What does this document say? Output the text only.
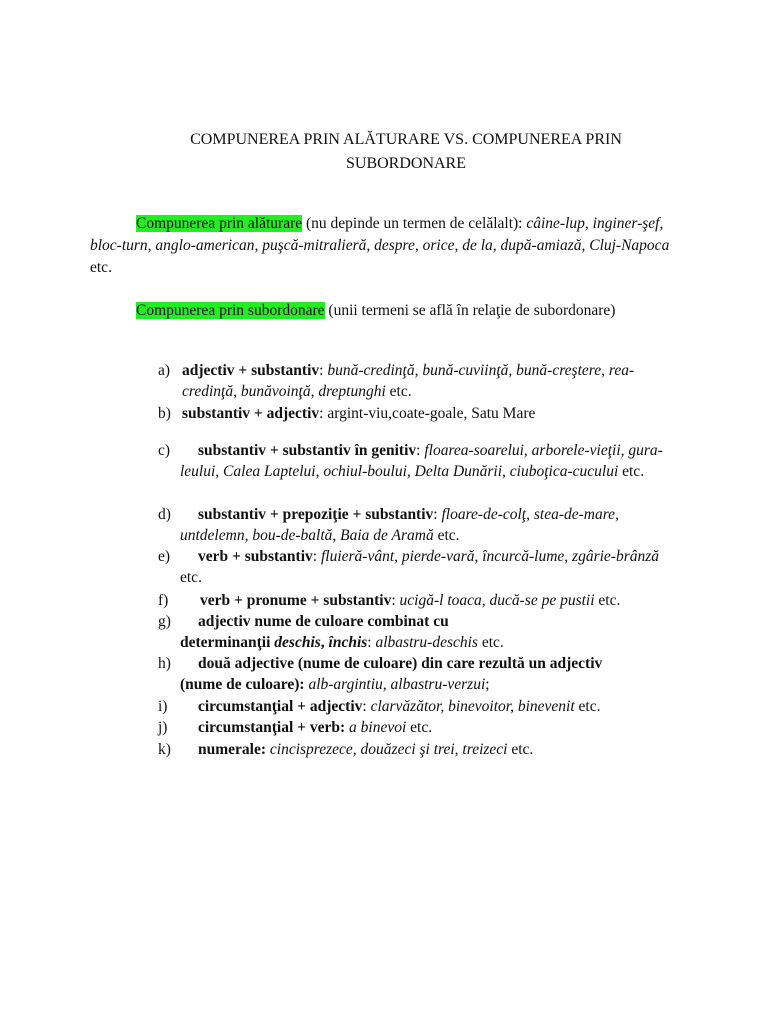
COMPUNEREA PRIN ALĂTURARE VS. COMPUNEREA PRIN
SUBORDONARE
Compunerea prin alăturare (nu depinde un termen de celălalt): câine-lup, inginer-şef, bloc-turn, anglo-american, puşcă-mitralieră, despre, orice, de la, după-amiază, Cluj-Napoca etc.
Compunerea prin subordonare (unii termeni se află în relaţie de subordonare)
a) adjectiv + substantiv: bună-credinţă, bună-cuviinţă, bună-creştere, rea-credinţă, bunăvoinţă, dreptunghi etc.
b) substantiv + adjectiv: argint-viu,coate-goale, Satu Mare
c)	substantiv + substantiv în genitiv: floarea-soarelui, arborele-vieţii, gura-leului, Calea Laptelui, ochiul-boului, Delta Dunării, ciuboţica-cucului etc.
d)	substantiv + prepoziţie + substantiv: floare-de-colţ, stea-de-mare, untdelemn, bou-de-baltă, Baia de Aramă etc.
e)	verb + substantiv: fluieră-vânt, pierde-vară, încurcă-lume, zgârie-brânză etc.
f)	verb + pronume + substantiv: ucigă-l toaca, ducă-se pe pustii etc.
g)	adjectiv nume de culoare combinat cu
determinanţii deschis, închis: albastru-deschis etc.
h)	două adjective (nume de culoare) din care rezultă un adjectiv
(nume de culoare): alb-argintiu, albastru-verzui;
i)	circumstanţial + adjectiv: clarvăzător, binevoitor, binevenit etc.
j)	circumstanţial + verb: a binevoi etc.
k)	numerale: cincisprezece, douăzeci şi trei, treizeci etc.
